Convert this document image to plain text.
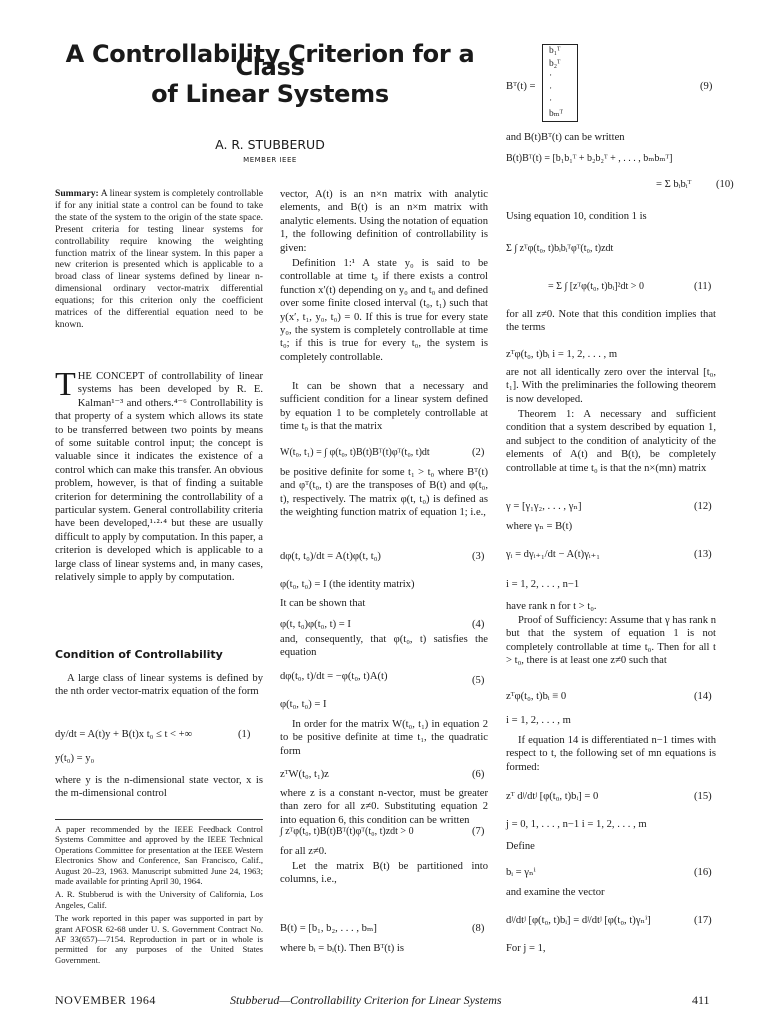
A Controllability Criterion for a Class
of Linear Systems
A. R. STUBBERUD
MEMBER IEEE

Summary: A linear system is completely controllable if for any initial state a control can be found to take the state of the system to the origin of the state space. Present criteria for testing linear systems for controllability require knowing the weighting function matrix of the linear system. In this paper a new criterion is presented which is applicable to a broad class of linear systems defined by linear n-dimensional ordinary vector-matrix differential equations; for this criterion only the coefficient matrices of the differential equation need to be known.

THE CONCEPT of controllability of linear systems has been developed by R. E. Kalman¹⁻³ and others.⁴⁻⁶ Controllability is that property of a system which allows its state to be transferred between two points by means of some suitable control input; the concept is valuable since it indicates the existence of a control which can make this transfer. An obvious problem, however, is that of finding a suitable criterion for determining the controllability of a particular system. General controllability criteria have been developed,¹·²·⁴ but these are usually difficult to apply by computation. In this paper, a criterion is developed which is applicable to a large class of linear systems and, in many cases, relatively simple to apply by computation.

Condition of Controllability
A large class of linear systems is defined by the nth order vector-matrix equation of the form
dy/dt = A(t)y + B(t)x t₀ ≤ t < +∞	(1)
y(t₀) = y₀
where y is the n-dimensional state vector, x is the m-dimensional control

A paper recommended by the IEEE Feedback Control Systems Committee and approved by the IEEE Technical Operations Committee for presentation at the IEEE Western Electronics Show and Conference, San Francisco, Calif., August 20–23, 1963. Manuscript submitted June 24, 1963; made available for printing April 30, 1964.

A. R. Stubberud is with the University of California, Los Angeles, Calif.

The work reported in this paper was supported in part by grant AFOSR 62-68 under U. S. Government Contract No. AF 33(657)—7154. Reproduction in part or in whole is permitted for any purposes of the United States Government.

vector, A(t) is an n×n matrix with analytic elements, and B(t) is an n×m matrix with analytic elements. Using the notation of equation 1, the following definition of controllability is given:
Definition 1:¹ A state y₀ is said to be controllable at time t₀ if there exists a control function x′(t) depending on y₀ and t₀ and defined over some finite closed interval (t₀, t₁) such that y(x′, t₁, y₀, t₀) = 0. If this is true for every state y₀, the system is completely controllable at time t₀; if this is true for every t₀, the system is completely controllable.
It can be shown that a necessary and sufficient condition for a linear system defined by equation 1 to be completely controllable at time t₀ is that the matrix
W(t₀, t₁) = ∫ φ(t₀, t)B(t)Bᵀ(t)φᵀ(t₀, t)dt	(2)
be positive definite for some t₁ > t₀ where Bᵀ(t) and φᵀ(t₀, t) are the transposes of B(t) and φ(t₀, t), respectively. The matrix φ(t, t₀) is defined as the weighting function matrix of equation 1; i.e.,
dφ(t, t₀)/dt = A(t)φ(t, t₀)	(3)
φ(t₀, t₀) = I (the identity matrix)
It can be shown that
φ(t, t₀)φ(t₀, t) = I	(4)
and, consequently, that φ(t₀, t) satisfies the equation
dφ(t₀, t)/dt = −φ(t₀, t)A(t)	(5)
φ(t₀, t₀) = I
In order for the matrix W(t₀, t₁) in equation 2 to be positive definite at time t₁, the quadratic form
zᵀW(t₀, t₁)z	(6)
where z is a constant n-vector, must be greater than zero for all z≠0. Substituting equation 2 into equation 6, this condition can be written
∫ zᵀφ(t₀, t)B(t)Bᵀ(t)φᵀ(t₀, t)zdt > 0	(7)
for all z≠0.
Let the matrix B(t) be partitioned into columns, i.e.,
B(t) = [b₁, b₂, . . . , bₘ]	(8)
where bᵢ = bᵢ(t). Then Bᵀ(t) is
Bᵀ(t) =
b₁ᵀ
b₂ᵀ
·
·
·
bₘᵀ
(9)
and B(t)Bᵀ(t) can be written
B(t)Bᵀ(t) = [b₁b₁ᵀ + b₂b₂ᵀ + , . . . , bₘbₘᵀ]
= Σ bᵢbᵢᵀ (10)
Using equation 10, condition 1 is
Σ ∫ zᵀφ(t₀, t)bᵢbᵢᵀφᵀ(t₀, t)zdt
= Σ ∫ [zᵀφ(t₀, t)bᵢ]²dt > 0	(11)
for all z≠0. Note that this condition implies that the terms
zᵀφ(t₀, t)bᵢ i = 1, 2, . . . , m
are not all identically zero over the interval [t₀, t₁]. With the preliminaries the following theorem is now developed.
Theorem 1: A necessary and sufficient condition that a system described by equation 1, and subject to the condition of analyticity of the elements of A(t) and B(t), be completely controllable at time t₀ is that the n×(mn) matrix
γ = [γ₁γ₂, . . . , γₙ]	(12)
where γₙ = B(t)
γᵢ = dγᵢ₊₁/dt − A(t)γᵢ₊₁	(13)
i = 1, 2, . . . , n−1
have rank n for t > t₀.
Proof of Sufficiency: Assume that γ has rank n but that the system of equation 1 is not completely controllable at time t₀. Then for all t > t₀, there is at least one z≠0 such that
zᵀφ(t₀, t)bᵢ ≡ 0	(14)
i = 1, 2, . . . , m
If equation 14 is differentiated n−1 times with respect to t, the following set of mn equations is formed:
zᵀ dʲ/dtʲ [φ(t₀, t)bᵢ] = 0	(15)
j = 0, 1, . . . , n−1 i = 1, 2, . . . , m
Define
bᵢ = γₙⁱ	(16)
and examine the vector
dʲ/dtʲ [φ(t₀, t)bᵢ] = dʲ/dtʲ [φ(t₀, t)γₙⁱ]	(17)
For j = 1,
NOVEMBER 1964	Stubberud—Controllability Criterion for Linear Systems	411
